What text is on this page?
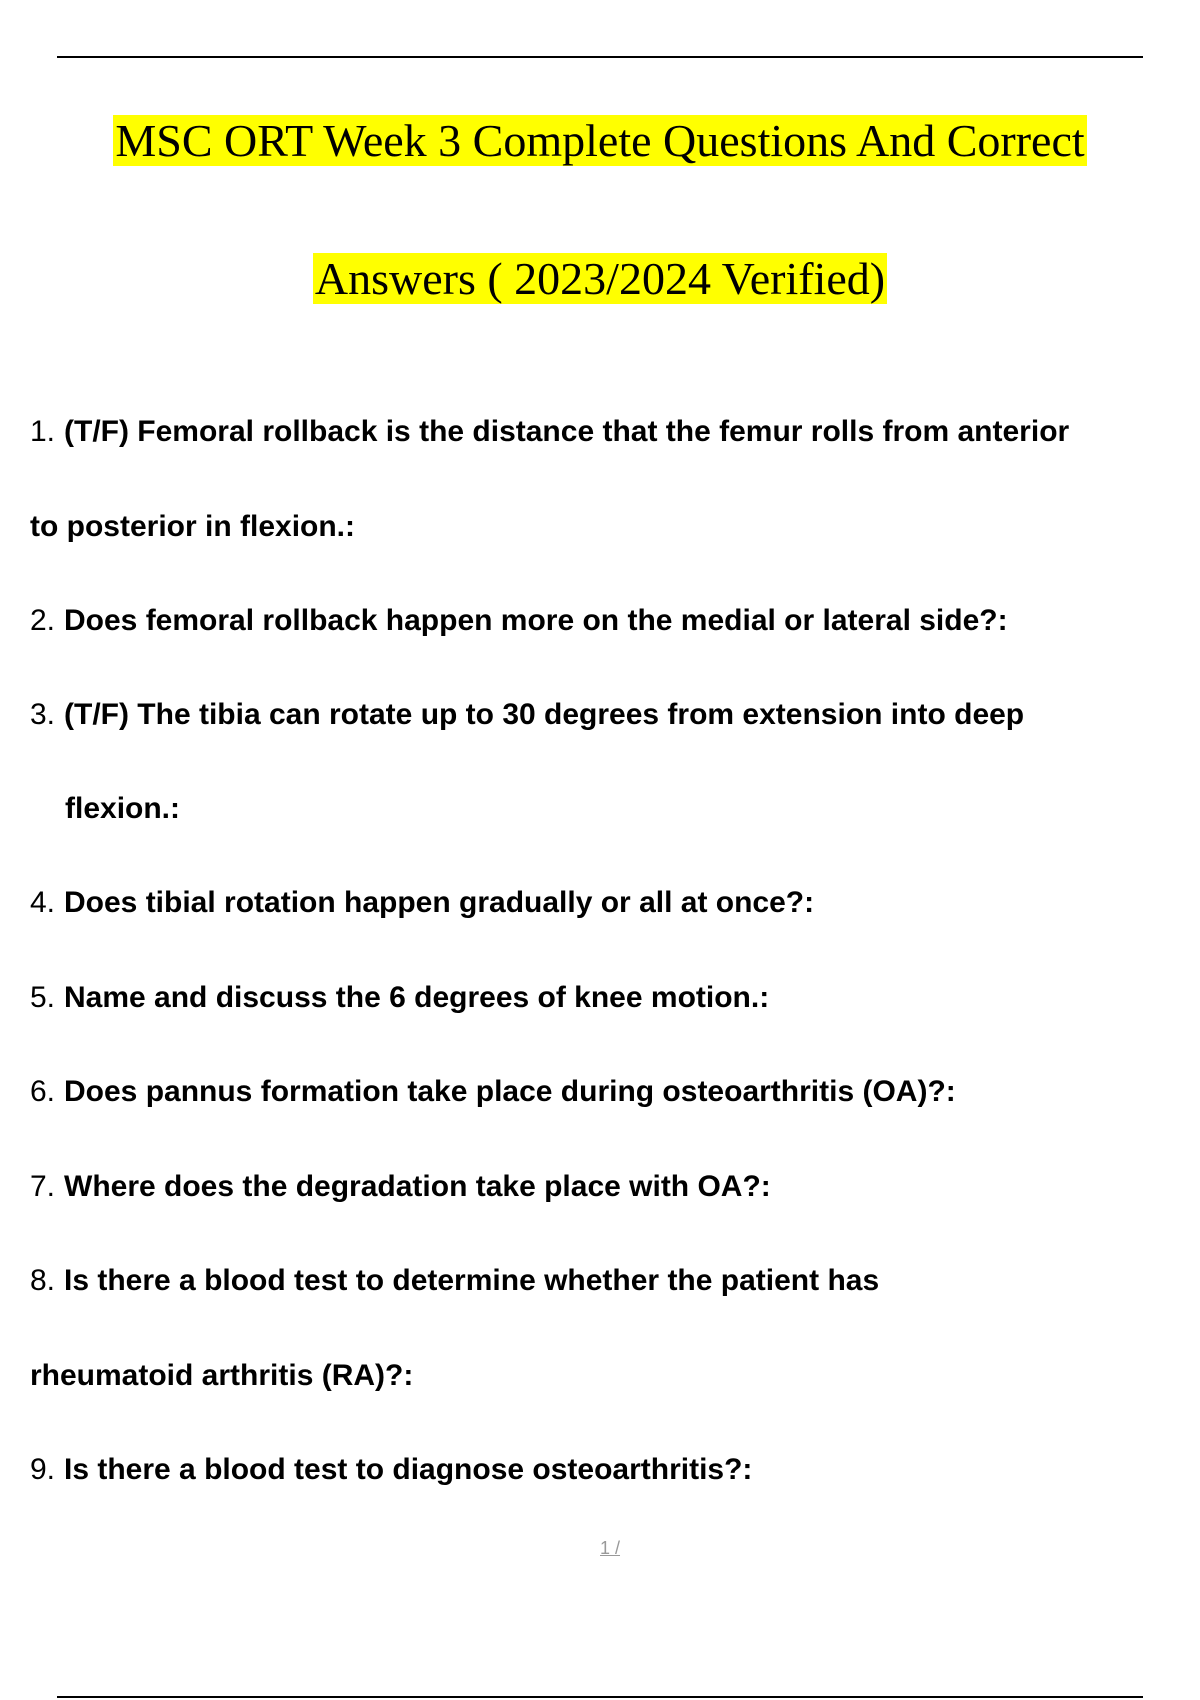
MSC ORT Week 3 Complete Questions And Correct
Answers ( 2023/2024 Verified)
1. (T/F) Femoral rollback is the distance that the femur rolls from anterior
to posterior in flexion.:
2. Does femoral rollback happen more on the medial or lateral side?:
3. (T/F) The tibia can rotate up to 30 degrees from extension into deep
flexion.:
4. Does tibial rotation happen gradually or all at once?:
5. Name and discuss the 6 degrees of knee motion.:
6. Does pannus formation take place during osteoarthritis (OA)?:
7. Where does the degradation take place with OA?:
8. Is there a blood test to determine whether the patient has
rheumatoid arthritis (RA)?:
9. Is there a blood test to diagnose osteoarthritis?:
1 /
